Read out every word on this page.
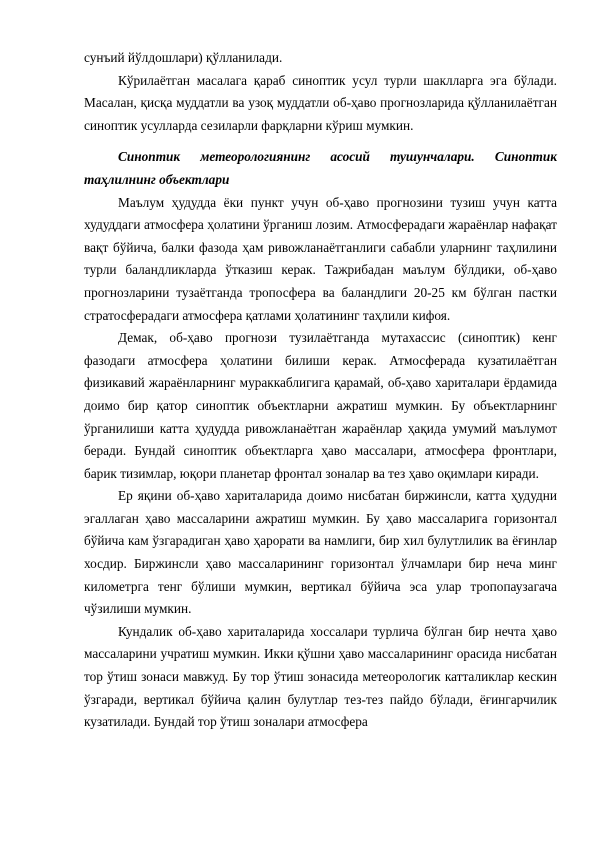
сунъий йўлдошлари) қўлланилади.

Кўрилаётган масалага қараб синоптик усул турли шаклларга эга бўлади. Масалан, қисқа муддатли ва узоқ муддатли об-ҳаво прогнозларида қўлланилаётган синоптик усулларда сезиларли фарқларни кўриш мумкин.

Синоптик метеорологиянинг асосий тушунчалари. Синоптик таҳлилнинг объектлари

Маълум ҳудудда ёки пункт учун об-ҳаво прогнозини тузиш учун катта худуддаги атмосфера ҳолатини ўрганиш лозим. Атмосферадаги жараёнлар нафақат вақт бўйича, балки фазода ҳам ривожланаётганлиги сабабли уларнинг таҳлилини турли баландликларда ўтказиш керак. Тажрибадан маълум бўлдики, об-ҳаво прогнозларини тузаётганда тропосфера ва баландлиги 20-25 км бўлган пастки стратосферадаги атмосфера қатлами ҳолатининг таҳлили кифоя.

Демак, об-ҳаво прогнози тузилаётганда мутахассис (синоптик) кенг фазодаги атмосфера ҳолатини билиши керак. Атмосферада кузатилаётган физикавий жараёнларнинг мураккаблигига қарамай, об-ҳаво хариталари ёрдамида доимо бир қатор синоптик объектларни ажратиш мумкин. Бу объектларнинг ўрганилиши катта ҳудудда ривожланаётган жараёнлар ҳақида умумий маълумот беради. Бундай синоптик объектларга ҳаво массалари, атмосфера фронтлари, барик тизимлар, юқори планетар фронтал зоналар ва тез ҳаво оқимлари киради.

Ер яқини об-ҳаво хариталарида доимо нисбатан биржинсли, катта ҳудудни эгаллаган ҳаво массаларини ажратиш мумкин. Бу ҳаво массаларига горизонтал бўйича кам ўзгарадиган ҳаво ҳарорати ва намлиги, бир хил булутлилик ва ёғинлар хосдир. Биржинсли ҳаво массаларининг горизонтал ўлчамлари бир неча минг километрга тенг бўлиши мумкин, вертикал бўйича эса улар тропопаузагача чўзилиши мумкин.

Кундалик об-ҳаво хариталарида хоссалари турлича бўлган бир нечта ҳаво массаларини учратиш мумкин. Икки қўшни ҳаво массаларининг орасида нисбатан тор ўтиш зонаси мавжуд. Бу тор ўтиш зонасида метеорологик катталиклар кескин ўзгаради, вертикал бўйича қалин булутлар тез-тез пайдо бўлади, ёғингарчилик кузатилади. Бундай тор ўтиш зоналари атмосфера
